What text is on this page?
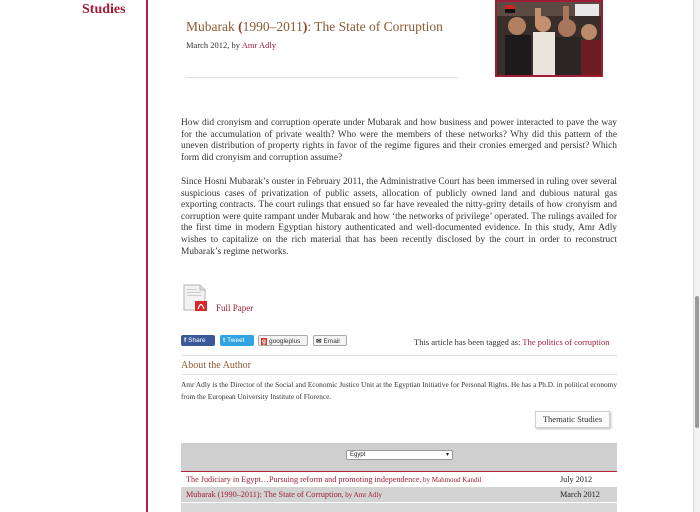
Studies
Mubarak (1990–2011): The State of Corruption
March 2012, by Amr Adly

How did cronyism and corruption operate under Mubarak and how business and power interacted to pave the way for the accumulation of private wealth? Who were the members of these networks? Why did this pattern of the uneven distribution of property rights in favor of the regime figures and their cronies emerged and persist? Which form did cronyism and corruption assume?

Since Hosni Mubarak’s ouster in February 2011, the Administrative Court has been immersed in ruling over several suspicious cases of privatization of public assets, allocation of publicly owned land and dubious natural gas exporting contracts. The court rulings that ensued so far have revealed the nitty-gritty details of how cronyism and corruption were quite rampant under Mubarak and how ‘the networks of privilege’ operated. The rulings availed for the first time in modern Egyptian history authenticated and well-documented evidence. In this study, Amr Adly wishes to capitalize on the rich material that has been recently disclosed by the court in order to reconstruct Mubarak’s regime networks.

Full Paper
f Share	t Tweet	g googleplus	✉ Email	This article has been tagged as: The politics of corruption
About the Author

Amr Adly is the Director of the Social and Economic Justice Unit at the Egyptian Initiative for Personal Rights. He has a Ph.D. in political economy from the European University Institute of Florence.

Thematic Studies
Egypt	▾
The Judiciary in Egypt…Pursuing reform and promoting independence, by Mahmoud Kandil	July 2012
Mubarak (1990–2011): The State of Corruption, by Amr Adly	March 2012
